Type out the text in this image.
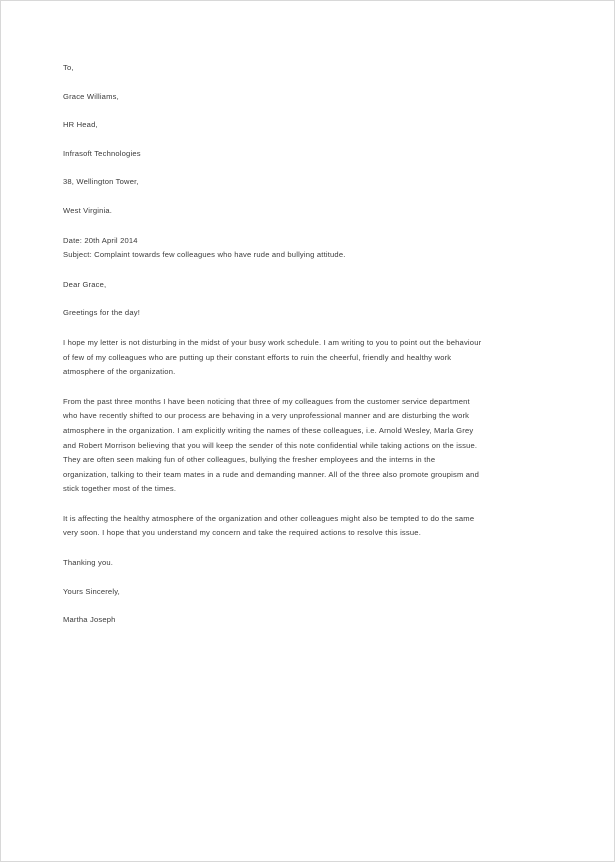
To,

Grace Williams,

HR Head,

Infrasoft Technologies

38, Wellington Tower,

West Virginia.

Date: 20th April 2014

Subject: Complaint towards few colleagues who have rude and bullying attitude.

Dear Grace,

Greetings for the day!

I hope my letter is not disturbing in the midst of your busy work schedule. I am writing to you to point out the behaviour of few of my colleagues who are putting up their constant efforts to ruin the cheerful, friendly and healthy work atmosphere of the organization.

From the past three months I have been noticing that three of my colleagues from the customer service department who have recently shifted to our process are behaving in a very unprofessional manner and are disturbing the work atmosphere in the organization. I am explicitly writing the names of these colleagues, i.e. Arnold Wesley, Marla Grey and Robert Morrison believing that you will keep the sender of this note confidential while taking actions on the issue. They are often seen making fun of other colleagues, bullying the fresher employees and the interns in the organization, talking to their team mates in a rude and demanding manner. All of the three also promote groupism and stick together most of the times.

It is affecting the healthy atmosphere of the organization and other colleagues might also be tempted to do the same very soon. I hope that you understand my concern and take the required actions to resolve this issue.

Thanking you.

Yours Sincerely,

Martha Joseph
